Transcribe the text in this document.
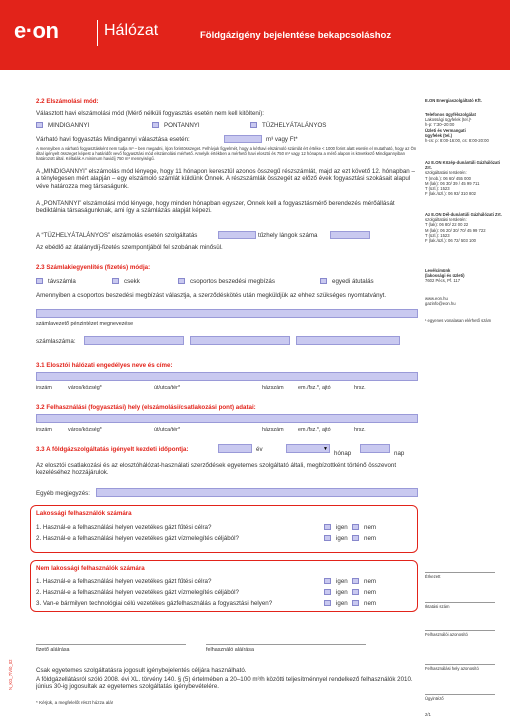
e·on	Hálózat	Földgázigény bejelentése bekapcsoláshoz
2.2 Elszámolási mód:
Választott havi elszámolási mód (Mérő nélküli fogyasztás esetén nem kell kitölteni):
MINDIGANNYI	PONTANNYI	TÜZHELYÁTALÁNYOS
Várható havi fogyasztás Mindigannyi választása esetén:	m³ vagy Ft*
A mennyiben a várható fogyasztásként nem tudja m³ – ben megadni, írjon forintösszeget. Felhívjuk figyelmét, hogy a kéthavi elszámoló számlát ért értéke < 1000 forint alatt esetén el mutatható, hogy az Ön által igényelt összeget képest a határidőt vevő fogyasztási mód elszámolási mérhető. Amelyik értékben a mérhető havi elosztó és 750 m³ vagy 12 hónapra a mérő alapon is következő Mindigannyiban határozott által. Kéltalák A minimum havidíj 750 m³ mennyiségű.
A „MINDIGANNYI” elszámolás mód lényege, hogy 11 hónapon keresztül azonos összegű részszámlát, majd az ezt követő 12. hónapban – a ténylegesen mért alapján – egy elszámoló számlát küldünk Önnek. A részszámlák összegét az előző évek fogyasztási szokásait alapul véve határozza meg társaságunk.
A „PONTANNYI” elszámolási mód lényege, hogy minden hónapban egyszer, Önnek kell a fogyasztásmérő berendezés mérőállását bediktálnia társaságunknak, ami így a számlázás alapját képezi.
A “TÜZHELYÁTALÁNYOS” elszámolás esetén szolgáltatás	tűzhely lángok száma
Az ebédlő az átalánydíj-fizetés szempontjából fel szobának minősül.
2.3 Számlakiegyenlítés (fizetés) módja:
távszámla	csekk	csoportos beszedési megbízás	egyedi átutalás
Amennyiben a csoportos beszedési megbízást választja, a szerződéskötés után megküldjük az ehhez szükséges nyomtatványt.
számlavezető pénzintézet megnevezése
számlaszáma:
3.1 Elosztói hálózati engedélyes neve és címe:
irszám	város/község*	út/utca/tér*	házszám	em./fsz.*, ajtó	hrsz.
3.2 Felhasználási (fogyasztási) hely (elszámolási/csatlakozási pont) adatai:
irszám	város/község*	út/utca/tér*	házszám	em./fsz.*, ajtó	hrsz.
3.3 A földgázszolgáltatás igényelt kezdeti időpontja:	év	▼
hónap	nap
Az elosztói csatlakozási és az elosztóhálózat-használati szerződések egyetemes szolgáltató általi, megbízottként történő összevont kezeléséhez hozzájárulok.
Egyéb megjegyzés:
Lakossági felhasználók számára
1. Használ-e a felhasználási helyen vezetékes gázt fűtési célra?	igen	nem
2. Használ-e a felhasználási helyen vezetékes gázt vízmelegítés céljából?	igen	nem
Nem lakossági felhasználók számára
1. Használ-e a felhasználási helyen vezetékes gázt fűtési célra?	igen	nem
2. Használ-e a felhasználási helyen vezetékes gázt vízmelegítés céljából?	igen	nem
3. Van-e bármilyen technológiai célú vezetékes gázfelhasználás a fogyasztási helyen?	igen	nem
fizető aláírása	felhasználó aláírása
Csak egyetemes szolgáltatásra jogosult igénybejelentés céljára használható.
A földgázellátásról szóló 2008. évi XL. törvény 140. § (5) értelmében a 20–100 m³/h közötti teljesítménnyel rendelkező felhasználók 2010. június 30-ig jogosultak az egyetemes szolgáltatás igénybevételére.
* Kérjük, a megfelelőt részt húzza alá!
N_KG_7/V/0_02
E.ON Energiaszolgáltató Kft.
Telefonos ügyfélszolgálat
Lakossági ügyfelek (tel.)¹
h-p: 7:30–20:00
Üzleti és Vermangati
ügyfelek (tel.)
h-cs: p: 8:00-16:00, cs: 8:00-20:00
Az E.ON Közép-dunántúli Gázhálózati Zrt.
szolgáltatási területén:
T (mob.): 06 60/ 455 000
M (lak): 06 30/ 39 / 45 99 711
T (üzl.): 1523
F (lak./üzl.): 06 93/ 310 802
Az E.ON Dél-dunántúli Gázhálózati Zrt.
szolgáltatási területén:
T (lak): 06 80/ 22 00 22
M (lak): 06 20/ 30/ 70/ 45 99 722
T (üzl.): 1523
F (lak./üzl.): 06 72/ 503 100
Levélcímünk
(lakossági és üzleti)
7602 Pécs, Pf. 117
www.eon.hu
gazinfo@eon.hu
¹ egyenes vonalasan elérhető szám
Érkezett
Iktatási szám
Felhasználói azonosító
Felhasználási hely azonosító
Ügyintéző
2/1
